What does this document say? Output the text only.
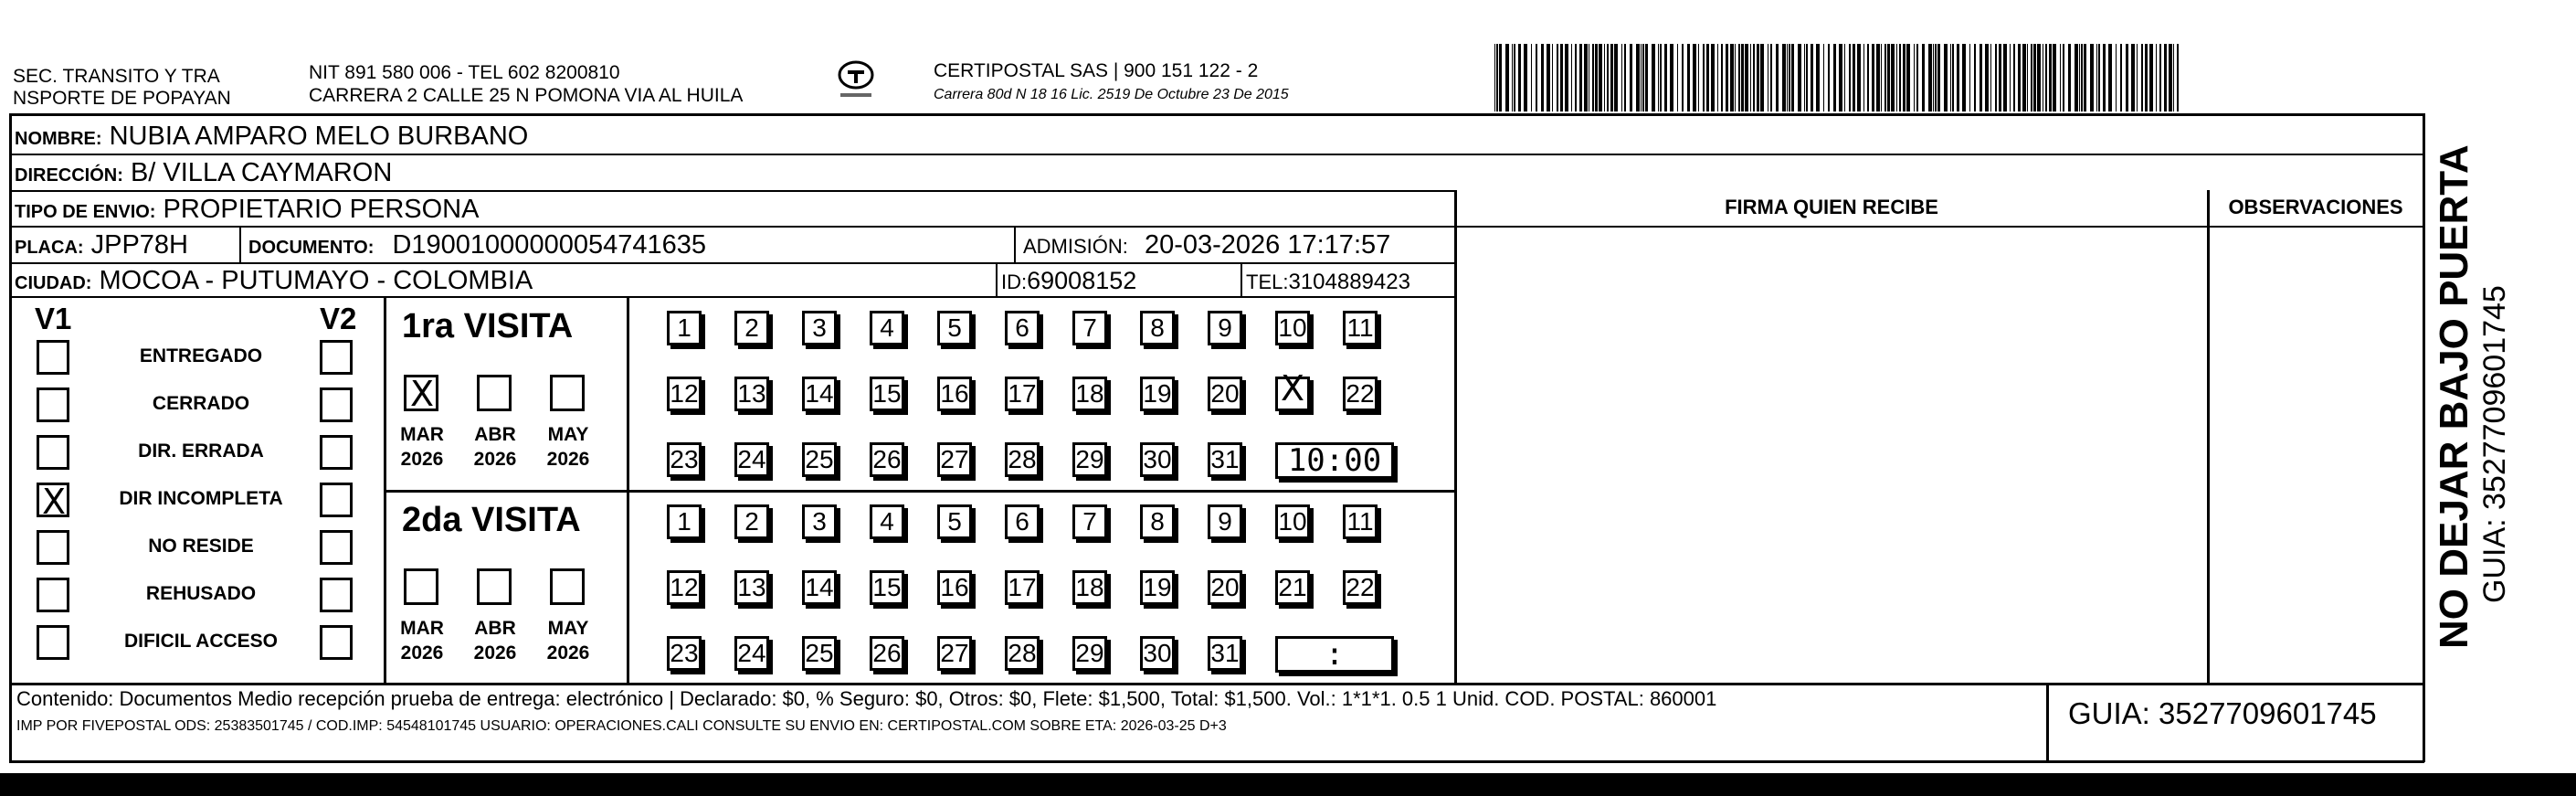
SEC. TRANSITO Y TRA
NSPORTE DE POPAYAN
NIT 891 580 006 - TEL 602 8200810
CARRERA 2 CALLE 25 N POMONA VIA AL HUILA
CERTIPOSTAL SAS | 900 151 122 - 2
Carrera 80d N 18 16 Lic. 2519 De Octubre 23 De 2015
NOMBRE: NUBIA AMPARO MELO BURBANO
DIRECCIÓN: B/ VILLA CAYMARON
TIPO DE ENVIO: PROPIETARIO PERSONA
PLACA: JPP78H	DOCUMENTO: D19001000000054741635	ADMISIÓN: 20-03-2026 17:17:57
CIUDAD: MOCOA - PUTUMAYO - COLOMBIA	ID:69008152	TEL:3104889423
FIRMA QUIEN RECIBE	OBSERVACIONES
V1	V2
ENTREGADO
CERRADO
DIR. ERRADA
X
DIR INCOMPLETA
NO RESIDE
REHUSADO
DIFICIL ACCESO
1ra VISITA
X
MAR
2026
ABR
2026
MAY
2026
1	2	3	4	5	6	7	8	9	10 11
12 13 14 15 16 17 18 19 20
X	22
23 24 25 26 27 28 29 30 31	10:00
2da VISITA
MAR
2026
ABR
2026
MAY
2026
1	2	3	4	5	6	7	8	9	10 11
12 13 14 15 16 17 18 19 20 21 22
23 24 25 26 27 28 29 30 31	:
Contenido: Documentos Medio recepción prueba de entrega: electrónico | Declarado: $0, % Seguro: $0, Otros: $0, Flete: $1,500, Total: $1,500. Vol.: 1*1*1. 0.5 1 Unid. COD. POSTAL: 860001
IMP POR FIVEPOSTAL ODS: 25383501745 / COD.IMP: 54548101745 USUARIO: OPERACIONES.CALI CONSULTE SU ENVIO EN: CERTIPOSTAL.COM SOBRE ETA: 2026-03-25 D+3	GUIA: 3527709601745
NO DEJAR BAJO PUERTA GUIA: 3527709601745
